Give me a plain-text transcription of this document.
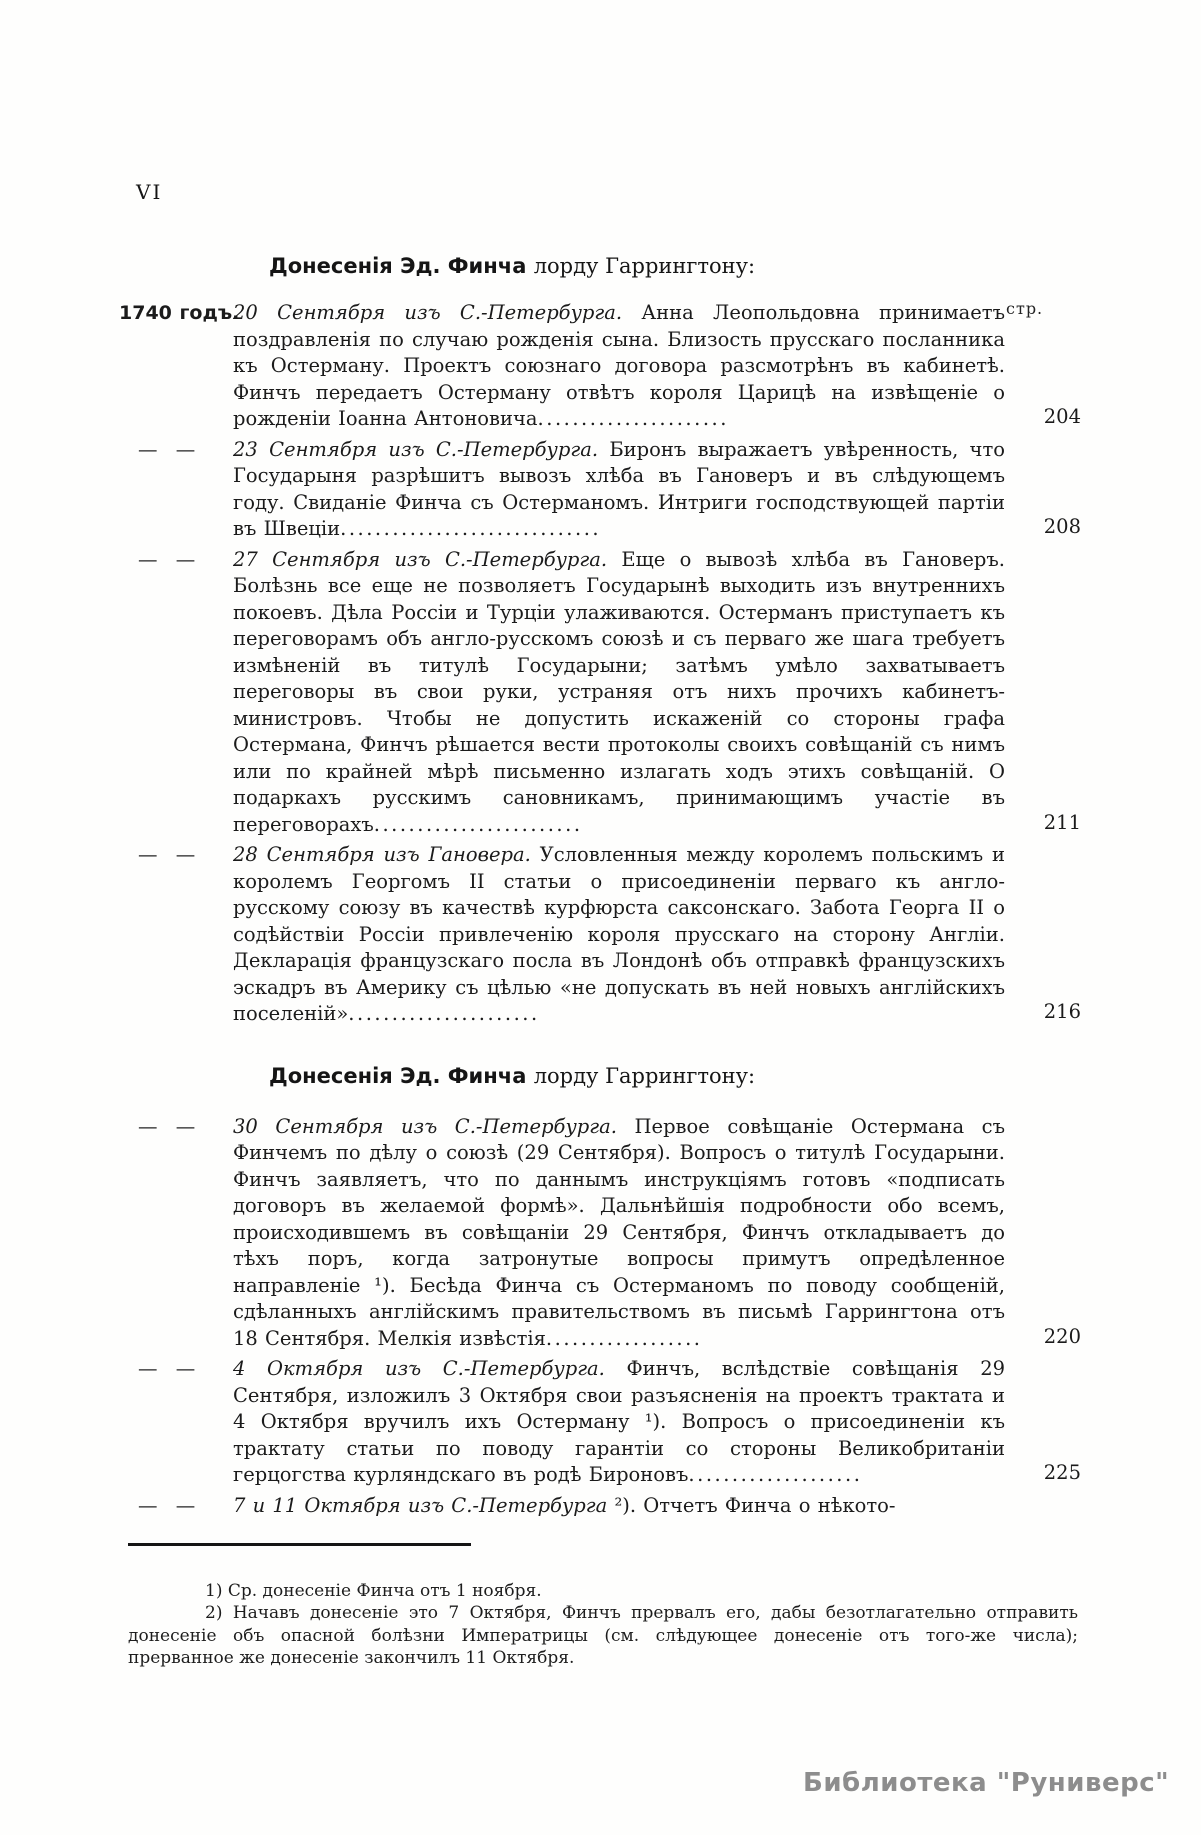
VI
стр.
Донесенія Эд. Финча лорду Гаррингтону:

1740 годъ.
20 Сентября изъ С.-Петербурга. Анна Леопольдовна принимаетъ поздравленія по случаю рожденія сына. Близость прусскаго посланника къ Остерману. Проектъ союзнаго договора разсмотрѣнъ въ кабинетѣ. Финчъ передаетъ Остерману отвѣтъ короля Царицѣ на извѣщеніе о рожденіи Іоанна Антоновича......................	204

— — 23 Сентября изъ С.-Петербурга. Биронъ выражаетъ увѣренность, что Государыня разрѣшитъ вывозъ хлѣба въ Гановеръ и въ слѣдующемъ году. Свиданіе Финча съ Остерманомъ. Интриги господствующей партіи въ Швеціи..............................	208

— — 27 Сентября изъ С.-Петербурга. Еще о вывозѣ хлѣба въ Гановеръ. Болѣзнь все еще не позволяетъ Государынѣ выходить изъ внутреннихъ покоевъ. Дѣла Россіи и Турціи улаживаются. Остерманъ приступаетъ къ переговорамъ объ англо-русскомъ союзѣ и съ перваго же шага требуетъ измѣненій въ титулѣ Государыни; затѣмъ умѣло захватываетъ переговоры въ свои руки, устраняя отъ нихъ прочихъ кабинетъ-министровъ. Чтобы не допустить искаженій со стороны графа Остермана, Финчъ рѣшается вести протоколы своихъ совѣщаній съ нимъ или по крайней мѣрѣ письменно излагать ходъ этихъ совѣщаній. О подаркахъ русскимъ сановникамъ, принимающимъ участіе въ переговорахъ........................	211

— — 28 Сентября изъ Гановера. Условленныя между королемъ польскимъ и королемъ Георгомъ II статьи о присоединеніи перваго къ англо-русскому союзу въ качествѣ курфюрста саксонскаго. Забота Георга II о содѣйствіи Россіи привлеченію короля прусскаго на сторону Англіи. Декларація французскаго посла въ Лондонѣ объ отправкѣ французскихъ эскадръ въ Америку съ цѣлью «не допускать въ ней новыхъ англійскихъ поселеній»......................	216

Донесенія Эд. Финча лорду Гаррингтону:

— — 30 Сентября изъ С.-Петербурга. Первое совѣщаніе Остермана съ Финчемъ по дѣлу о союзѣ (29 Сентября). Вопросъ о титулѣ Государыни. Финчъ заявляетъ, что по даннымъ инструкціямъ готовъ «подписать договоръ въ желаемой формѣ». Дальнѣйшія подробности обо всемъ, происходившемъ въ совѣщаніи 29 Сентября, Финчъ откладываетъ до тѣхъ поръ, когда затронутые вопросы примутъ опредѣленное направленіе ¹). Бесѣда Финча съ Остерманомъ по поводу сообщеній, сдѣланныхъ англійскимъ правительствомъ въ письмѣ Гаррингтона отъ 18 Сентября. Мелкія извѣстія..................	220

— — 4 Октября изъ С.-Петербурга. Финчъ, вслѣдствіе совѣщанія 29 Сентября, изложилъ 3 Октября свои разъясненія на проектъ трактата и 4 Октября вручилъ ихъ Остерману ¹). Вопросъ о присоединеніи къ трактату статьи по поводу гарантіи со стороны Великобританіи герцогства курляндскаго въ родѣ Бироновъ....................	225

— — 7 и 11 Октября изъ С.-Петербурга ²). Отчетъ Финча о нѣкото-

1) Ср. донесеніе Финча отъ 1 ноября.

2) Начавъ донесеніе это 7 Октября, Финчъ прервалъ его, дабы безотлагательно отправить донесеніе объ опасной болѣзни Императрицы (см. слѣдующее донесеніе отъ того-же числа); прерванное же донесеніе закончилъ 11 Октября.

Библиотека "Руниверс"
